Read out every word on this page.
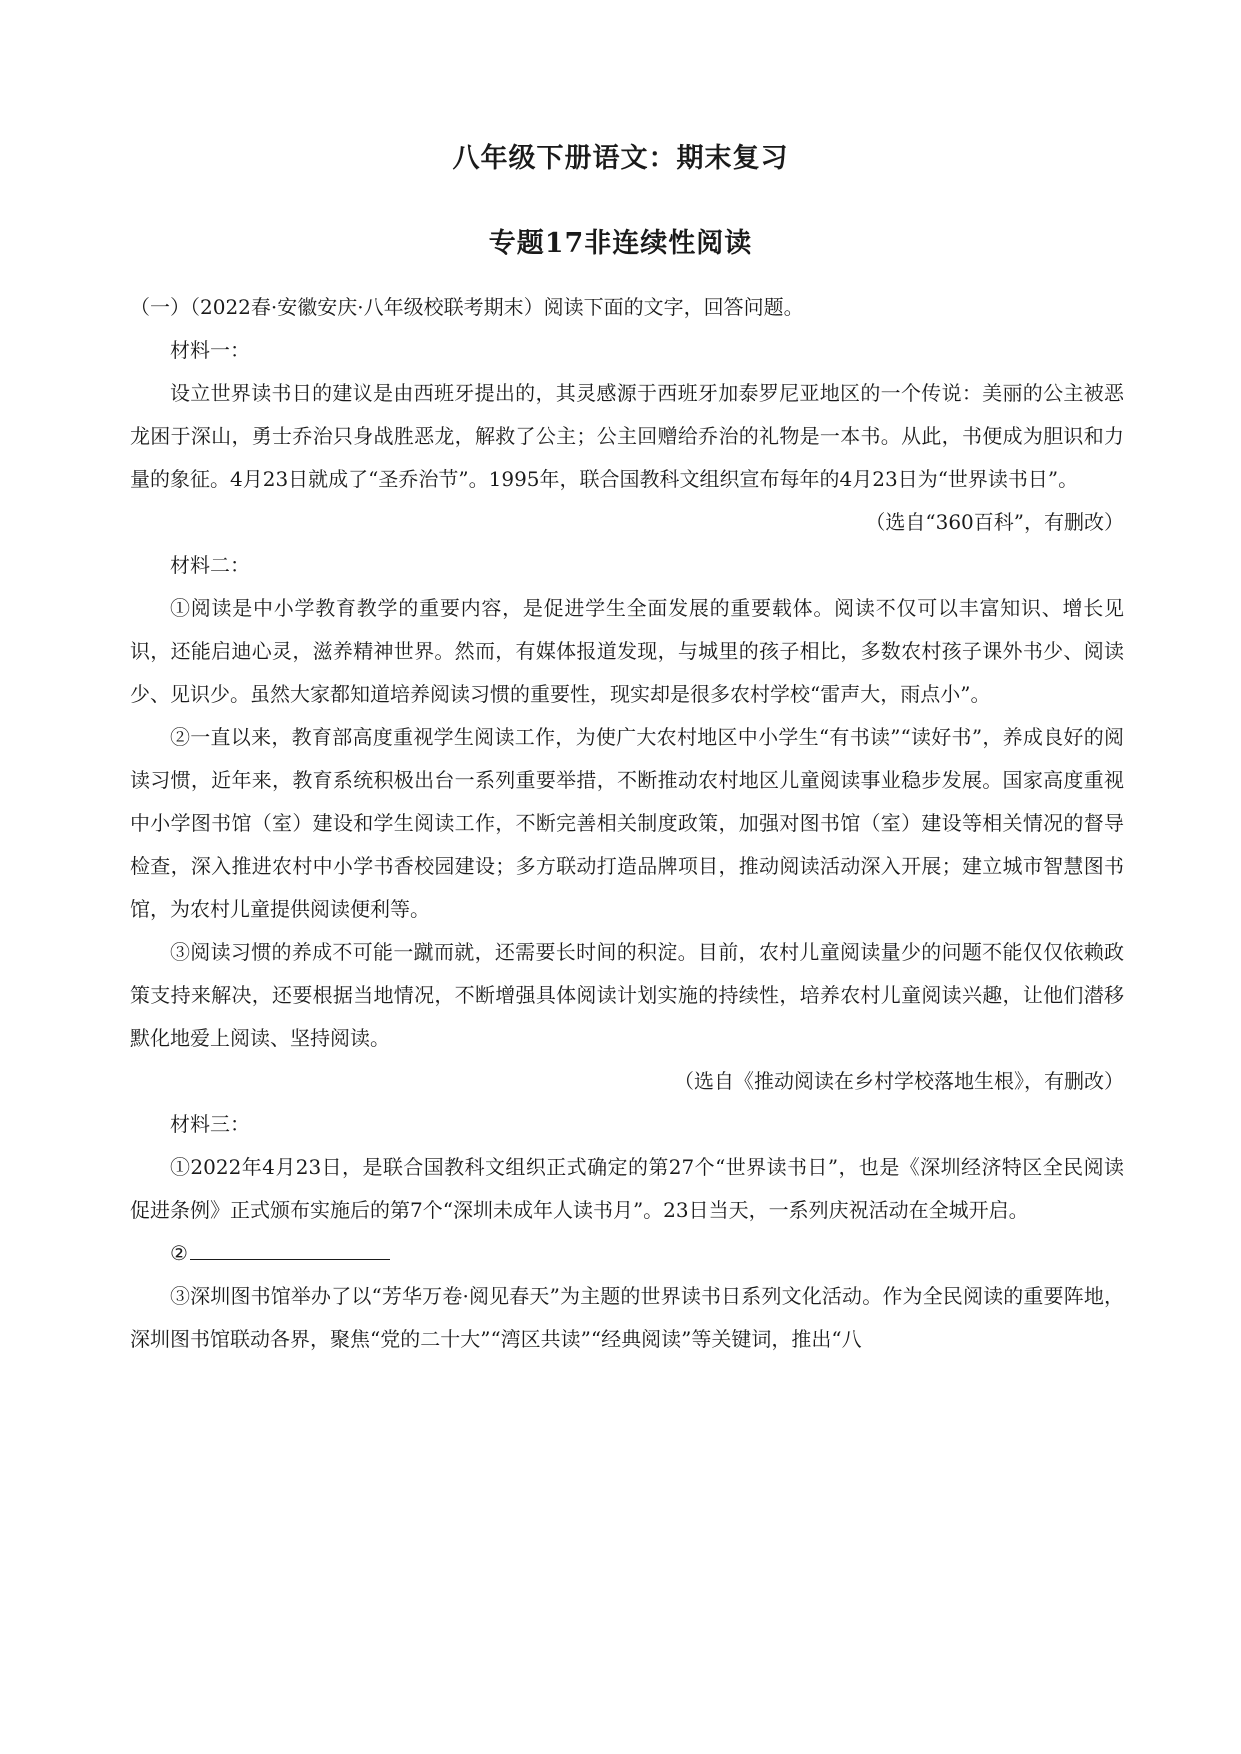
八年级下册语文：期末复习
专题17非连续性阅读

（一）（2022春·安徽安庆·八年级校联考期末）阅读下面的文字，回答问题。

材料一：

设立世界读书日的建议是由西班牙提出的，其灵感源于西班牙加泰罗尼亚地区的一个传说：美丽的公主被恶龙困于深山，勇士乔治只身战胜恶龙，解救了公主；公主回赠给乔治的礼物是一本书。从此，书便成为胆识和力量的象征。4月23日就成了“圣乔治节”。1995年，联合国教科文组织宣布每年的4月23日为“世界读书日”。

（选自“360百科”，有删改）

材料二：

①阅读是中小学教育教学的重要内容，是促进学生全面发展的重要载体。阅读不仅可以丰富知识、增长见识，还能启迪心灵，滋养精神世界。然而，有媒体报道发现，与城里的孩子相比，多数农村孩子课外书少、阅读少、见识少。虽然大家都知道培养阅读习惯的重要性，现实却是很多农村学校“雷声大，雨点小”。

②一直以来，教育部高度重视学生阅读工作，为使广大农村地区中小学生“有书读”“读好书”，养成良好的阅读习惯，近年来，教育系统积极出台一系列重要举措，不断推动农村地区儿童阅读事业稳步发展。国家高度重视中小学图书馆（室）建设和学生阅读工作，不断完善相关制度政策，加强对图书馆（室）建设等相关情况的督导检查，深入推进农村中小学书香校园建设；多方联动打造品牌项目，推动阅读活动深入开展；建立城市智慧图书馆，为农村儿童提供阅读便利等。

③阅读习惯的养成不可能一蹴而就，还需要长时间的积淀。目前，农村儿童阅读量少的问题不能仅仅依赖政策支持来解决，还要根据当地情况，不断增强具体阅读计划实施的持续性，培养农村儿童阅读兴趣，让他们潜移默化地爱上阅读、坚持阅读。

（选自《推动阅读在乡村学校落地生根》，有删改）

材料三：

①2022年4月23日，是联合国教科文组织正式确定的第27个“世界读书日”，也是《深圳经济特区全民阅读促进条例》正式颁布实施后的第7个“深圳未成年人读书月”。23日当天，一系列庆祝活动在全城开启。

②

③深圳图书馆举办了以“芳华万卷·阅见春天”为主题的世界读书日系列文化活动。作为全民阅读的重要阵地，深圳图书馆联动各界，聚焦“党的二十大”“湾区共读”“经典阅读”等关键词，推出“八
